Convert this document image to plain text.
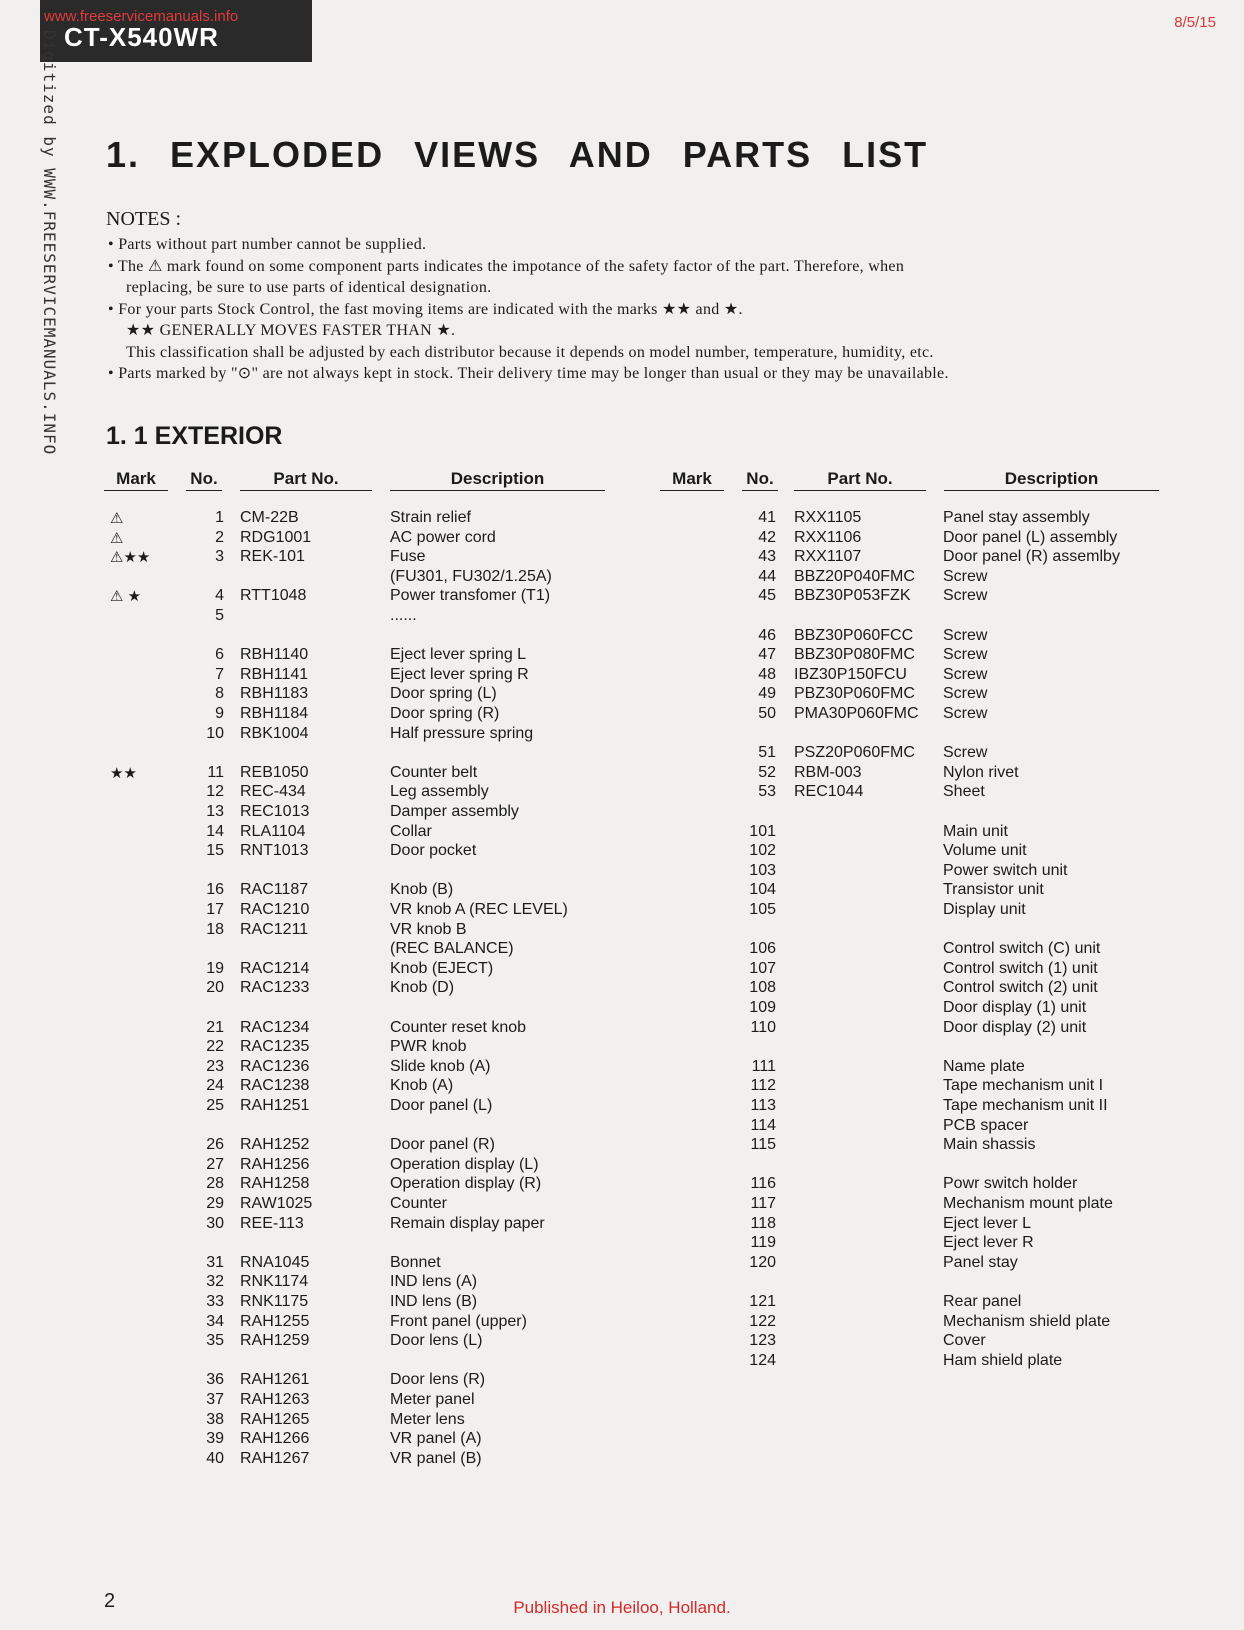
www.freeservicemanuals.info
CT-X540WR	8/5/15
Digitized by WWW.FREESERVICEMANUALS.INFO 1. EXPLODED VIEWS AND PARTS LIST
NOTES :

• Parts without part number cannot be supplied.

• The ⚠ mark found on some component parts indicates the impotance of the safety factor of the part. Therefore, when

replacing, be sure to use parts of identical designation.

• For your parts Stock Control, the fast moving items are indicated with the marks ★★ and ★.

★★ GENERALLY MOVES FASTER THAN ★.

This classification shall be adjusted by each distributor because it depends on model number, temperature, humidity, etc.

• Parts marked by "⊙" are not always kept in stock. Their delivery time may be longer than usual or they may be unavailable.

1. 1 EXTERIOR
Mark	No.	Part No.	Description	Mark	No.	Part No.	Description
⚠	1 CM-22B	Strain relief
⚠	2 RDG1001	AC power cord
⚠★★	3 REK-101	Fuse
(FU301, FU302/1.25A)
⚠ ★	4 RTT1048	Power transfomer (T1)
5	......
6 RBH1140	Eject lever spring L
7 RBH1141	Eject lever spring R
8 RBH1183	Door spring (L)
9 RBH1184	Door spring (R)
10 RBK1004	Half pressure spring
★★	11 REB1050	Counter belt
12 REC-434	Leg assembly
13 REC1013	Damper assembly
14 RLA1104	Collar
15 RNT1013	Door pocket
16 RAC1187	Knob (B)
17 RAC1210	VR knob A (REC LEVEL)
18 RAC1211	VR knob B
(REC BALANCE)
19 RAC1214	Knob (EJECT)
20 RAC1233	Knob (D)
21 RAC1234	Counter reset knob
22 RAC1235	PWR knob
23 RAC1236	Slide knob (A)
24 RAC1238	Knob (A)
25 RAH1251	Door panel (L)
26 RAH1252	Door panel (R)
27 RAH1256	Operation display (L)
28 RAH1258	Operation display (R)
29 RAW1025	Counter
30 REE-113	Remain display paper
31 RNA1045	Bonnet
32 RNK1174	IND lens (A)
33 RNK1175	IND lens (B)
34 RAH1255	Front panel (upper)
35 RAH1259	Door lens (L)
36 RAH1261	Door lens (R)
37 RAH1263	Meter panel
38 RAH1265	Meter lens
39 RAH1266	VR panel (A)
40 RAH1267	VR panel (B)
41 RXX1105	Panel stay assembly
42 RXX1106	Door panel (L) assembly
43 RXX1107	Door panel (R) assemlby
44 BBZ20P040FMC Screw
45 BBZ30P053FZK Screw
46 BBZ30P060FCC Screw
47 BBZ30P080FMC Screw
48 IBZ30P150FCU Screw
49 PBZ30P060FMC Screw
50 PMA30P060FMC Screw
51 PSZ20P060FMC Screw
52 RBM-003	Nylon rivet
53 REC1044	Sheet
101	Main unit
102	Volume unit
103	Power switch unit
104	Transistor unit
105	Display unit
106	Control switch (C) unit
107	Control switch (1) unit
108	Control switch (2) unit
109	Door display (1) unit
110	Door display (2) unit
111	Name plate
112	Tape mechanism unit I
113	Tape mechanism unit II
114	PCB spacer
115	Main shassis
116	Powr switch holder
117	Mechanism mount plate
118	Eject lever L
119	Eject lever R
120	Panel stay
121	Rear panel
122	Mechanism shield plate
123	Cover
124	Ham shield plate
2	Published in Heiloo, Holland.
